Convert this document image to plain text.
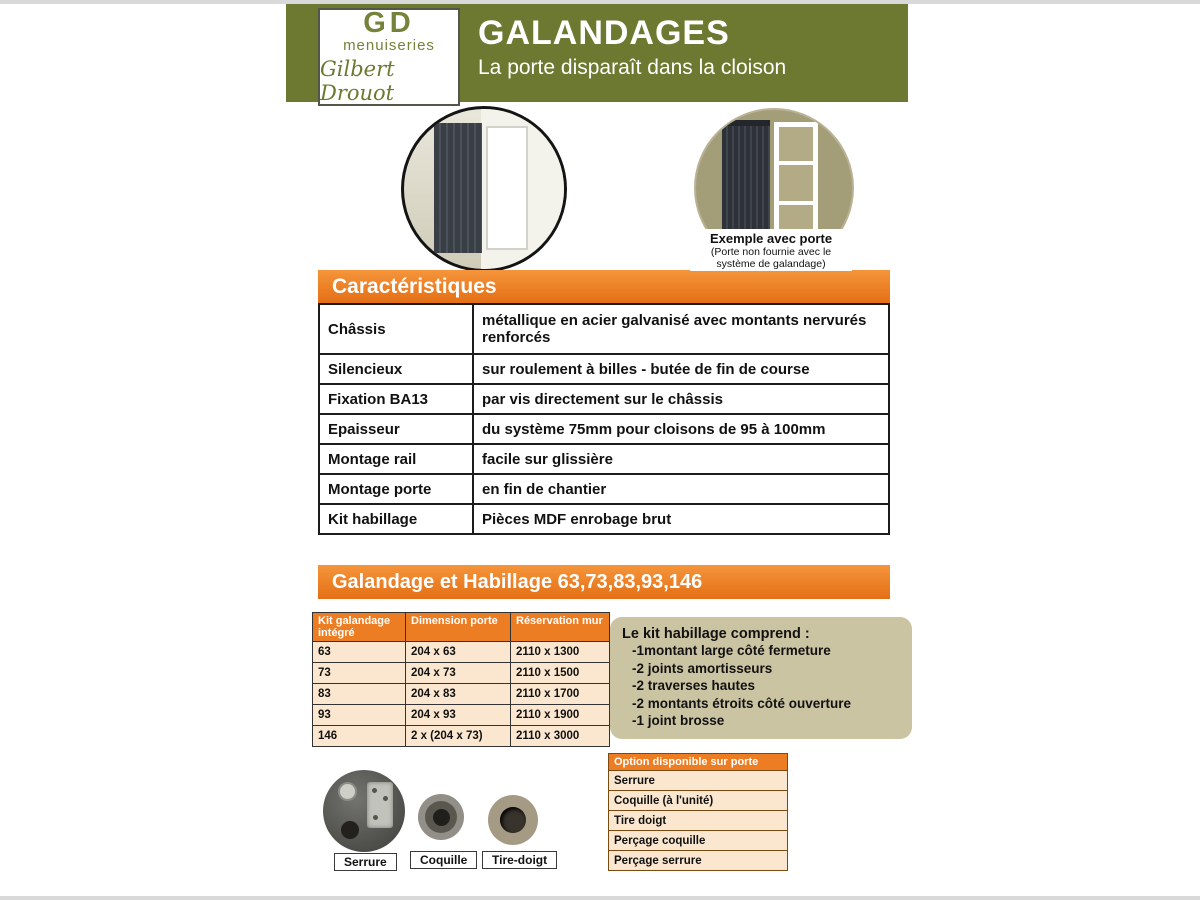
GALANDAGES
La porte disparaît dans la cloison
GD
menuiseries
Gilbert Drouot
Exemple avec porte
(Porte non fournie avec le
système de galandage)
Caractéristiques
Châssis	métallique en acier galvanisé avec montants nervurés renforcés
Silencieux	sur roulement à billes - butée de fin de course
Fixation BA13	par vis directement sur le châssis
Epaisseur	du système 75mm pour cloisons de 95 à 100mm
Montage rail	facile sur glissière
Montage porte	en fin de chantier
Kit habillage	Pièces MDF enrobage brut
Galandage et Habillage 63,73,83,93,146
Kit galandage intégré	Dimension porte	Réservation mur
63	204 x 63	2110 x 1300
73	204 x 73	2110 x 1500
83	204 x 83	2110 x 1700
93	204 x 93	2110 x 1900
146	2 x (204 x 73)	2110 x 3000
Le kit habillage comprend :
-1montant large côté fermeture
-2 joints amortisseurs
-2 traverses hautes
-2 montants étroits côté ouverture
-1 joint brosse
Serrure	Coquille	Tire-doigt
Option disponible sur porte
Serrure
Coquille (à l'unité)
Tire doigt
Perçage coquille
Perçage serrure
